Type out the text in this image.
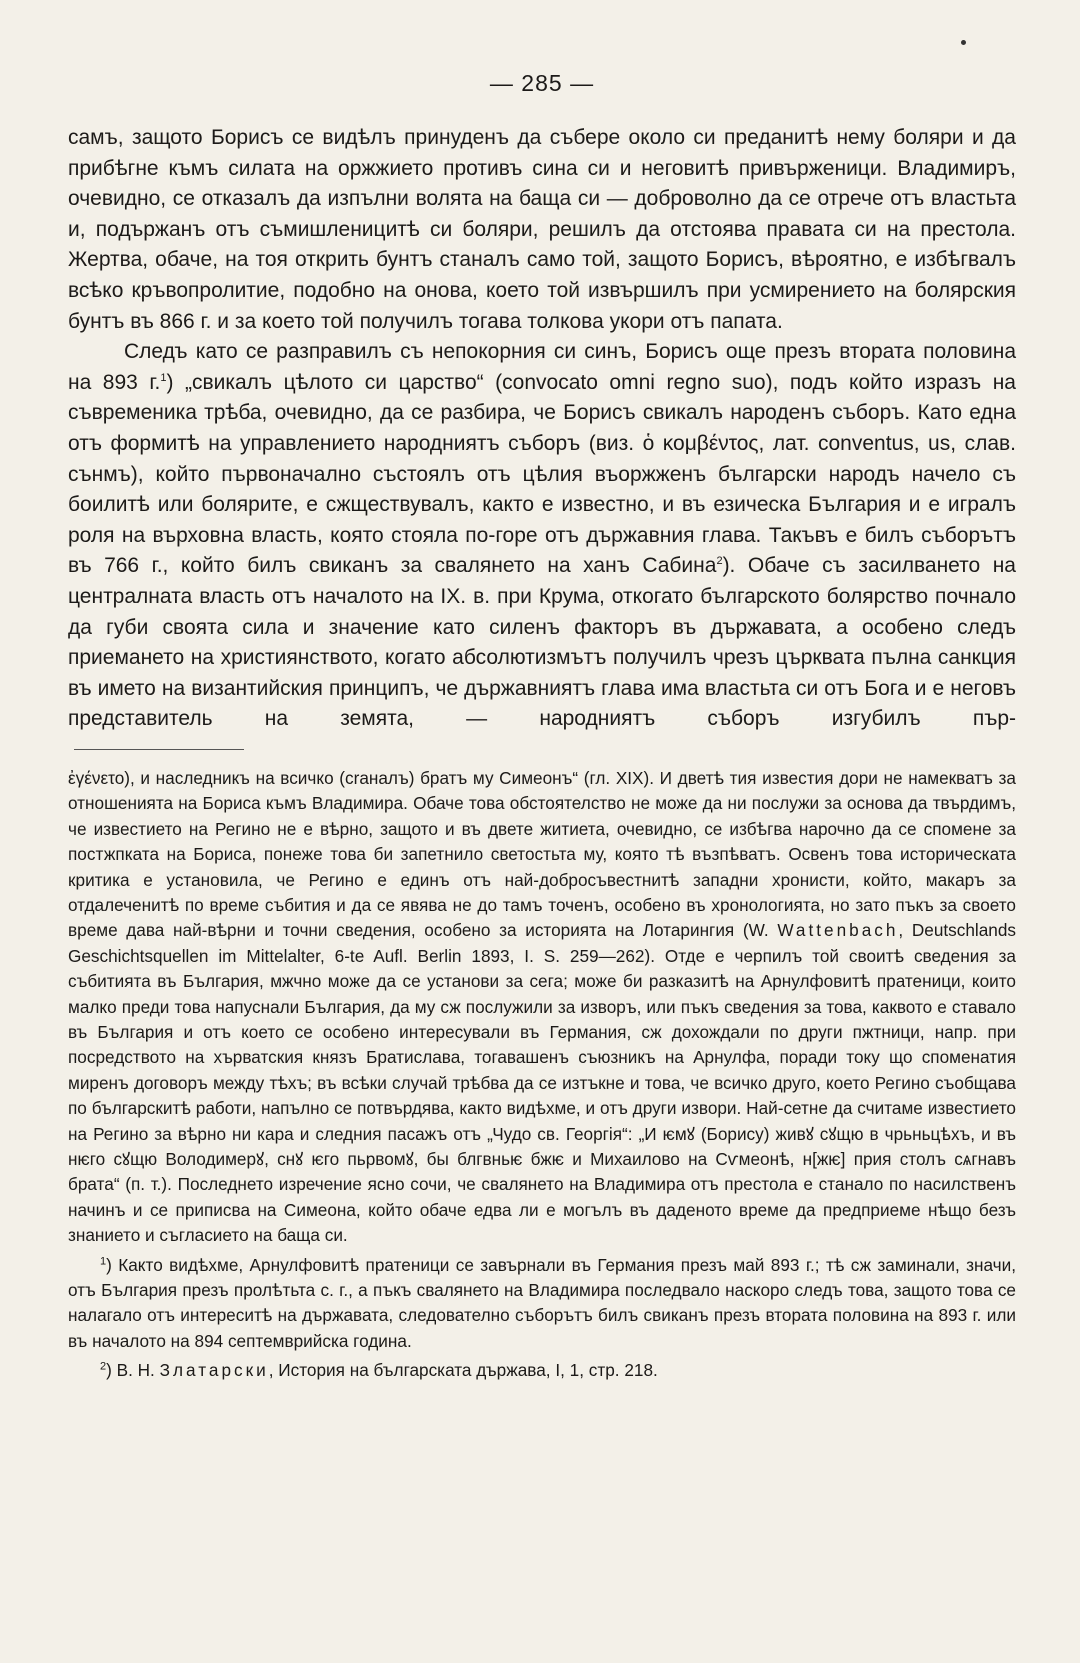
— 285 —

самъ, защото Борисъ се видѣлъ принуденъ да събере около си преданитѣ нему боляри и да прибѣгне къмъ силата на оржжието противъ сина си и неговитѣ привърженици. Владимиръ, очевидно, се отказалъ да изпълни волята на баща си — доброволно да се отрече отъ властьта и, подържанъ отъ съмишленицитѣ си боляри, решилъ да отстоява правата си на престола. Жертва, обаче, на тоя открить бунтъ станалъ само той, защото Борисъ, вѣроятно, е избѣгвалъ всѣко кръвопролитие, подобно на онова, което той извършилъ при усмирението на болярския бунтъ въ 866 г. и за което той получилъ тогава толкова укори отъ папата.

Следъ като се разправилъ съ непокорния си синъ, Борисъ още презъ втората половина на 893 г.$^1$) „свикалъ цѣлото си царство“ (convocato omni regno suo), подъ който изразъ на съвременика трѣба, очевидно, да се разбира, че Борисъ свикалъ народенъ съборъ. Като една отъ формитѣ на управлението народниятъ съборъ (виз. ὁ κομβέντος, лат. conventus, us, слав. сънмъ), който първоначално състоялъ отъ цѣлия въоржженъ български народъ начело съ боилитѣ или болярите, е сжществувалъ, както е известно, и въ езическа България и е игралъ роля на върховна власть, която стояла по-горе отъ държавния глава. Такъвъ е билъ съборътъ въ 766 г., който билъ свиканъ за свалянето на ханъ Сабина$^2$). Обаче съ засилването на централната власть отъ началото на IX. в. при Крума, откогато българското болярство почнало да губи своята сила и значение като силенъ факторъ въ държавата, а особено следъ приемането на християнството, когато абсолютизмътъ получилъ чрезъ църквата пълна санкция въ името на византийския принципъ, че държавниятъ глава има властьта си отъ Бога и е неговъ представитель на земята, — народниятъ съборъ изгубилъ пър-

ἐγένετο), и наследникъ на всичко (craналъ) братъ му Симеонъ“ (гл. XIX). И дветѣ тия известия дори не намекватъ за отношенията на Бориса къмъ Владимира. Обаче това обстоятелство не може да ни послужи за основа да твърдимъ, че известието на Регино не е вѣрно, защото и въ двете житиета, очевидно, се избѣгва нарочно да се спомене за постжпката на Бориса, понеже това би запетнило светостьта му, която тѣ възпѣватъ. Освенъ това историческата критика е установила, че Регино е единъ отъ най-добросъвестнитѣ западни хронисти, който, макаръ за отдалеченитѣ по време събития и да се явява не до тамъ точенъ, особено въ хронологията, но зато пъкъ за своето време дава най-вѣрни и точни сведения, особено за историята на Лотарингия (W. Wattenbach, Deutschlands Geschichtsquellen im Mittelalter, 6-te Aufl. Berlin 1893, I. S. 259—262). Отде е черпилъ той своитѣ сведения за събитията въ България, мжчно може да се установи за сега; може би разказитѣ на Арнулфовитѣ пратеници, които малко преди това напуснали България, да му сж послужили за изворъ, или пъкъ сведения за това, каквото е ставало въ България и отъ което се особено интересували въ Германия, сж дохождали по други пжтници, напр. при посредството на хърватския князъ Братислава, тогавашенъ съюзникъ на Арнулфа, поради току що споменатия миренъ договоръ между тѣхъ; въ всѣки случай трѣбва да се изтъкне и това, че всичко друго, което Регино съобщава по българскитѣ работи, напълно се потвърдява, както видѣхме, и отъ други извори. Най-сетне да считаме известието на Регино за вѣрно ни кара и следния пасажъ отъ „Чудо св. Георгія“: „И ѥмꙋ (Борису) живꙋ сꙋщю в чрьньцѣхъ, и въ нѥго сꙋщю Володимерꙋ, снꙋ ѥго пьрвомꙋ, бы блгвньѥ бжѥ и Михаилово на Сѵмеонѣ, н[жѥ] прия столъ сѧгнавъ брата“ (п. т.). Последнето изречение ясно сочи, че свалянето на Владимира отъ престола е станало по насилственъ начинъ и се приписва на Симеона, който обаче едва ли е могълъ въ даденото време да предприеме нѣщо безъ знанието и съгласието на баща си.

$^1$) Както видѣхме, Арнулфовитѣ пратеници се завърнали въ Германия презъ май 893 г.; тѣ сж заминали, значи, отъ България презъ пролѣтьта с. г., а пъкъ свалянето на Владимира последвало наскоро следъ това, защото това се налагало отъ интереситѣ на държавата, следователно съборътъ билъ свиканъ презъ втората половина на 893 г. или въ началото на 894 септемврийска година.

$^2$) В. Н. Златарски, История на българската държава, I, 1, стр. 218.
